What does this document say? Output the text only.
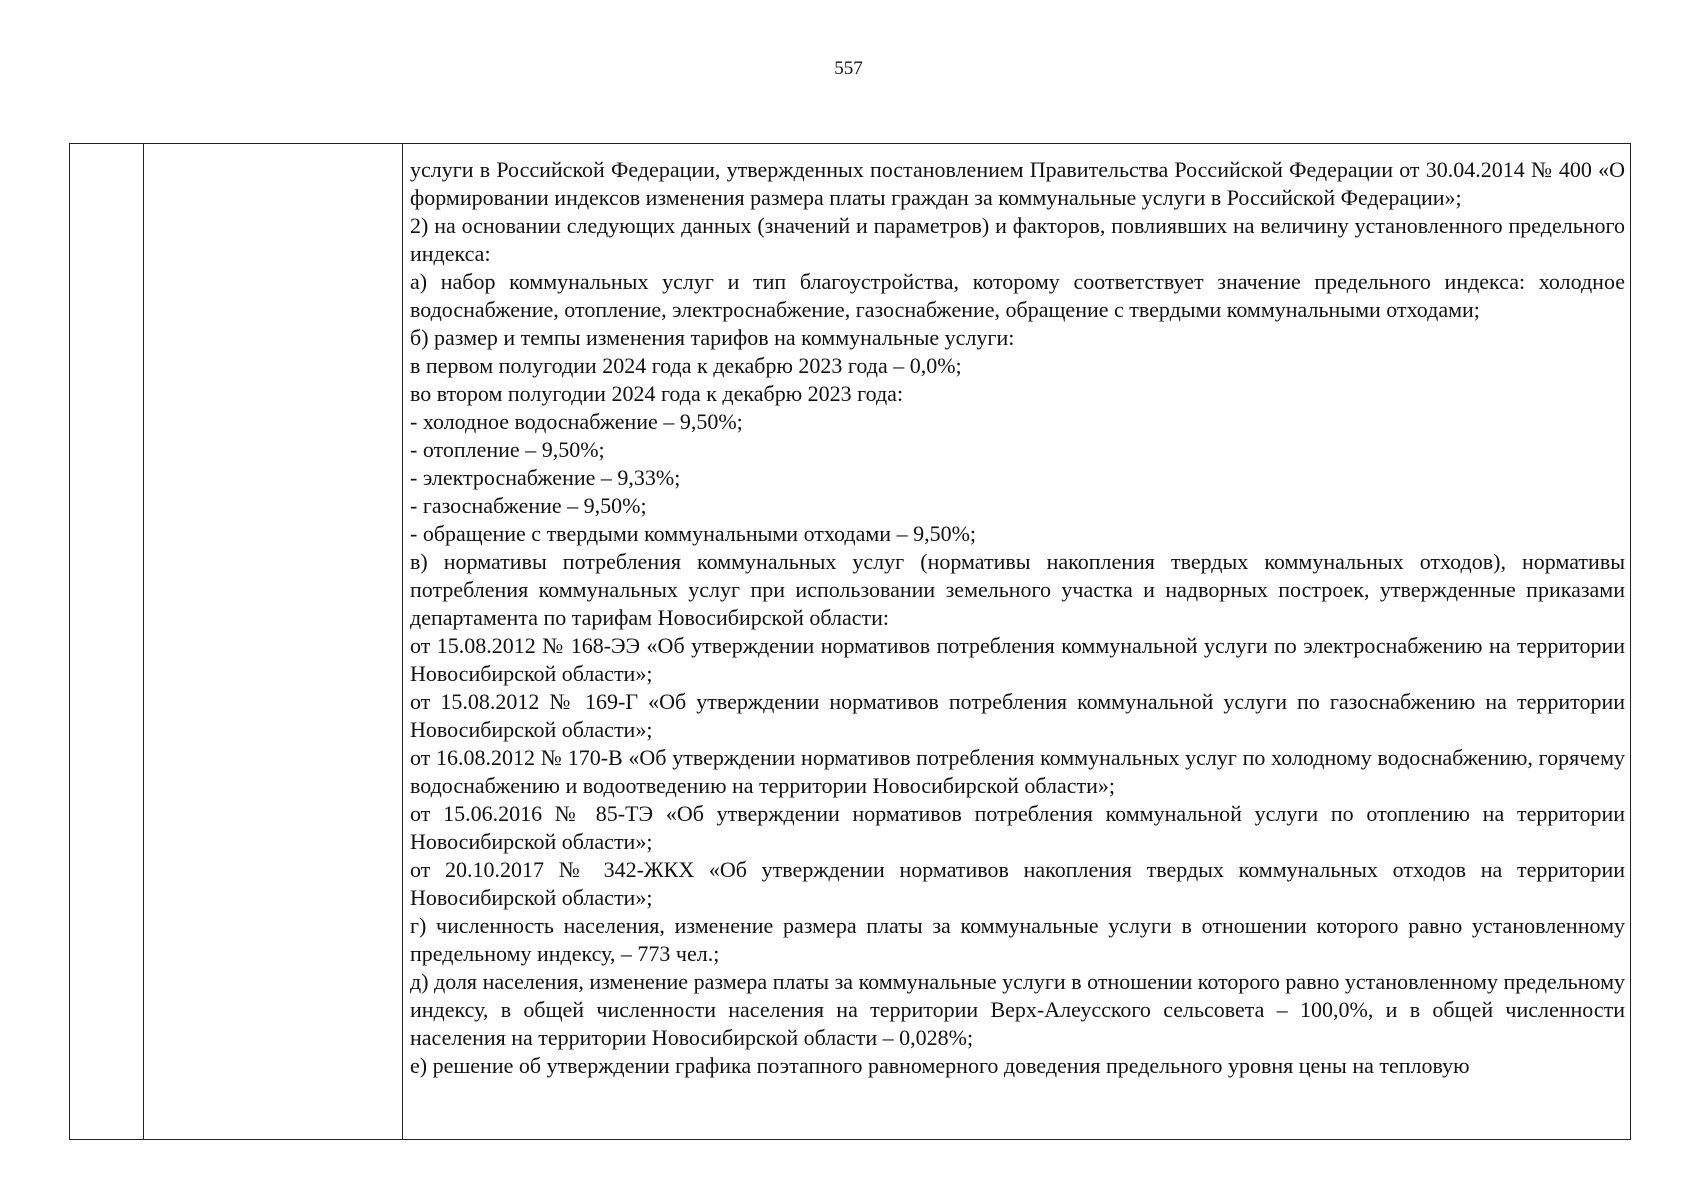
557

услуги в Российской Федерации, утвержденных постановлением Правительства Российской Федерации от 30.04.2014 № 400 «О формировании индексов изменения размера платы граждан за коммунальные услуги в Российской Федерации»;

2) на основании следующих данных (значений и параметров) и факторов, повлиявших на величину установленного предельного индекса:

а) набор коммунальных услуг и тип благоустройства, которому соответствует значение предельного индекса: холодное водоснабжение, отопление, электроснабжение, газоснабжение, обращение с твердыми коммунальными отходами;

б) размер и темпы изменения тарифов на коммунальные услуги:

в первом полугодии 2024 года к декабрю 2023 года – 0,0%;

во втором полугодии 2024 года к декабрю 2023 года:

- холодное водоснабжение – 9,50%;

- отопление – 9,50%;

- электроснабжение – 9,33%;

- газоснабжение – 9,50%;

- обращение с твердыми коммунальными отходами – 9,50%;

в) нормативы потребления коммунальных услуг (нормативы накопления твердых коммунальных отходов), нормативы потребления коммунальных услуг при использовании земельного участка и надворных построек, утвержденные приказами департамента по тарифам Новосибирской области:

от 15.08.2012 № 168-ЭЭ «Об утверждении нормативов потребления коммунальной услуги по электроснабжению на территории Новосибирской области»;

от 15.08.2012 № 169-Г «Об утверждении нормативов потребления коммунальной услуги по газоснабжению на территории Новосибирской области»;

от 16.08.2012 № 170-В «Об утверждении нормативов потребления коммунальных услуг по холодному водоснабжению, горячему водоснабжению и водоотведению на территории Новосибирской области»;

от 15.06.2016 № 85-ТЭ «Об утверждении нормативов потребления коммунальной услуги по отоплению на территории Новосибирской области»;

от 20.10.2017 № 342-ЖКХ «Об утверждении нормативов накопления твердых коммунальных отходов на территории Новосибирской области»;

г) численность населения, изменение размера платы за коммунальные услуги в отношении которого равно установленному предельному индексу, – 773 чел.;

д) доля населения, изменение размера платы за коммунальные услуги в отношении которого равно установленному предельному индексу, в общей численности населения на территории Верх-Алеусского сельсовета – 100,0%, и в общей численности населения на территории Новосибирской области – 0,028%;

е) решение об утверждении графика поэтапного равномерного доведения предельного уровня цены на тепловую
